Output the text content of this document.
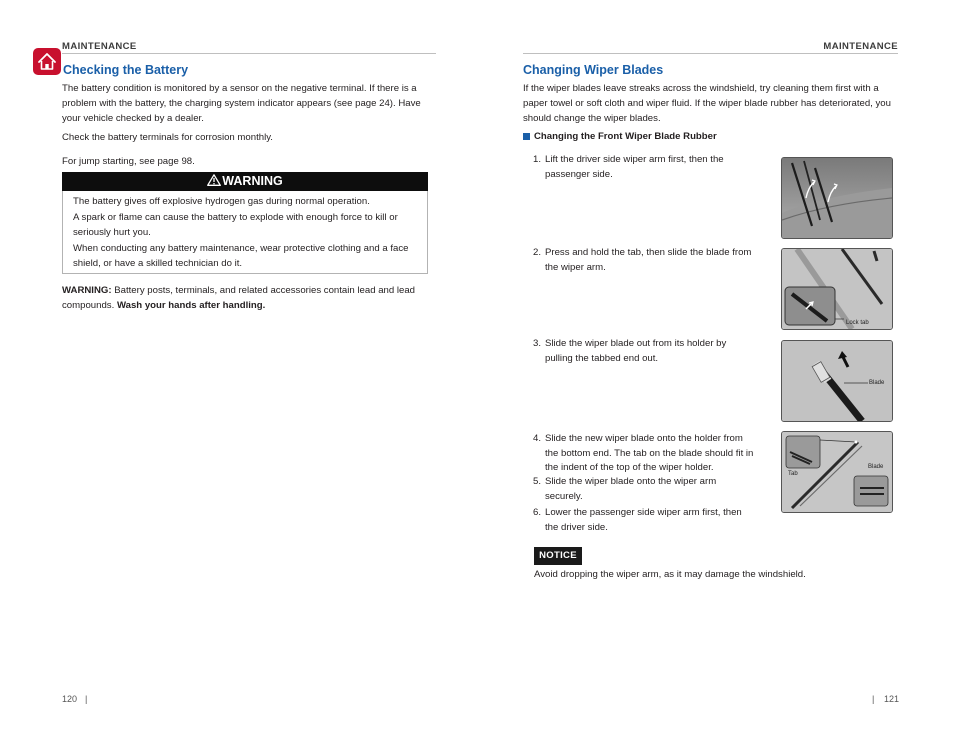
MAINTENANCE	MAINTENANCE
Checking the Battery
The battery condition is monitored by a sensor on the negative terminal. If there is a problem with the battery, the charging system indicator appears (see page 24). Have your vehicle checked by a dealer.
Check the battery terminals for corrosion monthly.
For jump starting, see page 98.
WARNING
The battery gives off explosive hydrogen gas during normal operation.
A spark or flame can cause the battery to explode with enough force to kill or seriously hurt you.
When conducting any battery maintenance, wear protective clothing and a face shield, or have a skilled technician do it.
WARNING: Battery posts, terminals, and related accessories contain lead and lead compounds. Wash your hands after handling.
Changing Wiper Blades
If the wiper blades leave streaks across the windshield, try cleaning them first with a paper towel or soft cloth and wiper fluid. If the wiper blade rubber has deteriorated, you should change the wiper blades.
Changing the Front Wiper Blade Rubber
1. Lift the driver side wiper arm first, then the passenger side.
2. Press and hold the tab, then slide the blade from the wiper arm.
3. Slide the wiper blade out from its holder by pulling the tabbed end out.
4. Slide the new wiper blade onto the holder from the bottom end. The tab on the blade should fit in the indent of the top of the wiper holder.
5. Slide the wiper blade onto the wiper arm securely.
6. Lower the passenger side wiper arm first, then the driver side.
Lock tab
Blade
Tab
Blade
NOTICE
Avoid dropping the wiper arm, as it may damage the windshield.
120 |	| 121
